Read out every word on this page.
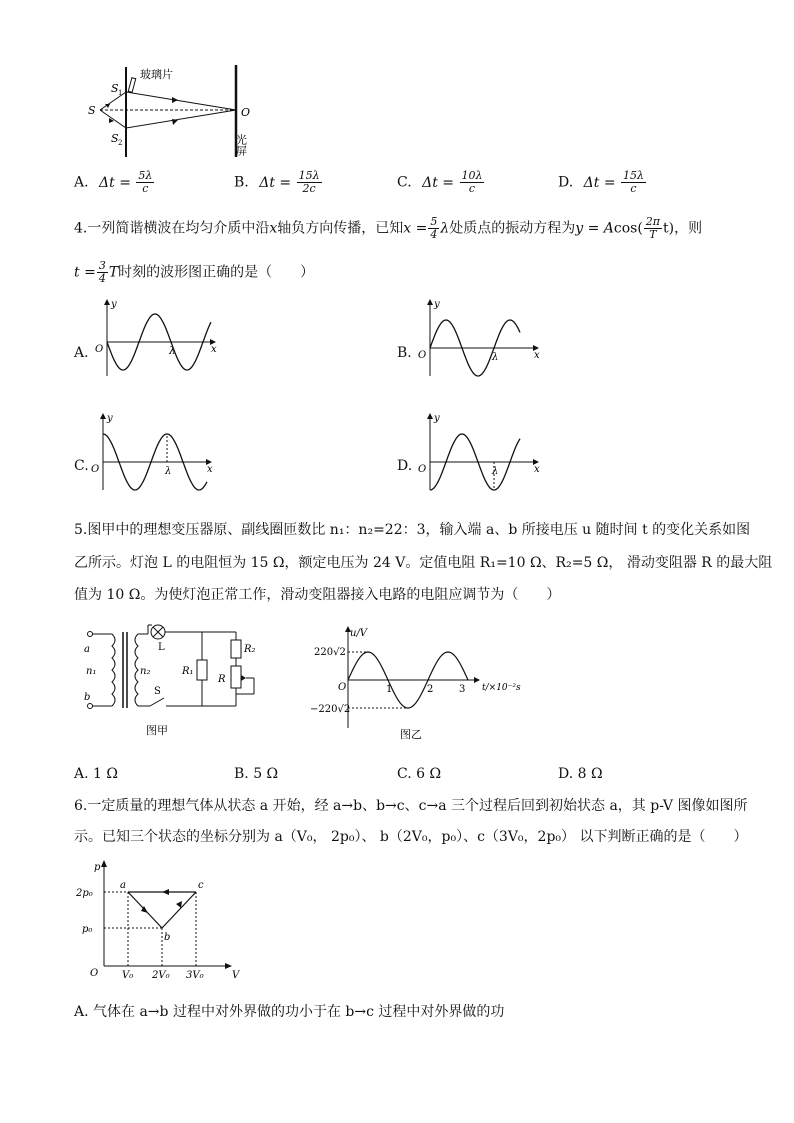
S
S 1
S 2
玻璃片
O
光屏
A. $\Delta t = \frac{5\lambda}{c}$	B. $\Delta t = \frac{15\lambda}{2c}$	C. $\Delta t = \frac{10\lambda}{c}$	D. $\Delta t = \frac{15\lambda}{c}$
4.一列简谐横波在均匀介质中沿x轴负方向传播，已知$x = \frac{5}{4}$ λ处质点的振动方程为$y = Acos( \frac{2\pi}{T} t)$，则
$t = \frac{3}{4}$ T时刻的波形图正确的是（　　）
A.	B.
C.	D.
y
x
O	λ
y
x
O	λ
y
x
O	λ
y
x
O	λ
5.图甲中的理想变压器原、副线圈匝数比 n₁：n₂=22：3，输入端 a、b 所接电压 u 随时间 t 的变化关系如图
乙所示。灯泡 L 的电阻恒为 15 Ω，额定电压为 24 V。定值电阻 R₁=10 Ω、R₂=5 Ω， 滑动变阻器 R 的最大阻
值为 10 Ω。为使灯泡正常工作，滑动变阻器接入电路的电阻应调节为（　　）
a
b
n₁	n₂
L
R₁
R₂
R
S
图甲
u/V
220√2
−220√2
O	1	2	3 t/×10⁻²s
图乙
A. 1 Ω	B. 5 Ω	C. 6 Ω	D. 8 Ω
6.一定质量的理想气体从状态 a 开始，经 a→b、b→c、c→a 三个过程后回到初始状态 a，其 p-V 图像如图所
示。已知三个状态的坐标分别为 a（V₀， 2p₀）、 b（2V₀，p₀）、c（3V₀，2p₀） 以下判断正确的是（　　）
p
V
O
2p₀
p₀
V₀ 2V₀ 3V₀
a
b
c
A. 气体在 a→b 过程中对外界做的功小于在 b→c 过程中对外界做的功
